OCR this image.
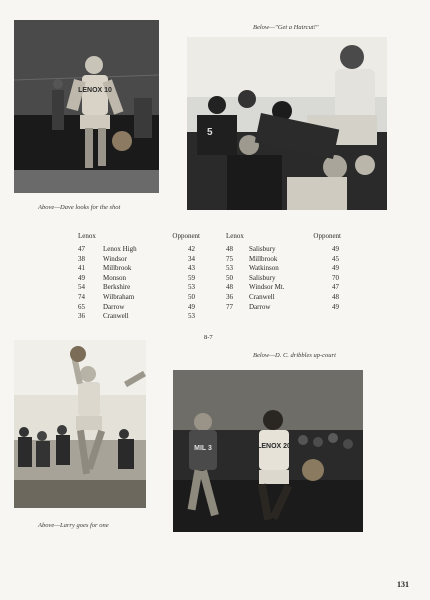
LENOX 10
Above—Dave looks for the shot
Below—"Get a Haircut!"
5
Lenox	Opponent
47	Lenox High	42
38	Windsor	34
41	Millbrook	43
49	Monson	59
54	Berkshire	53
74	Wilbraham	50
65	Darrow	49
36	Cranwell	53
Lenox	Opponent
48 Salisbury	49
75 Millbrook	45
53 Watkinson	49
50 Salisbury	70
48 Windsor Mt.	47
36 Cranwell	48
77 Darrow	49
8-7
Below—D. C. dribbles up-court
Above—Larry goes for one
LENOX 20
MIL 3
131
